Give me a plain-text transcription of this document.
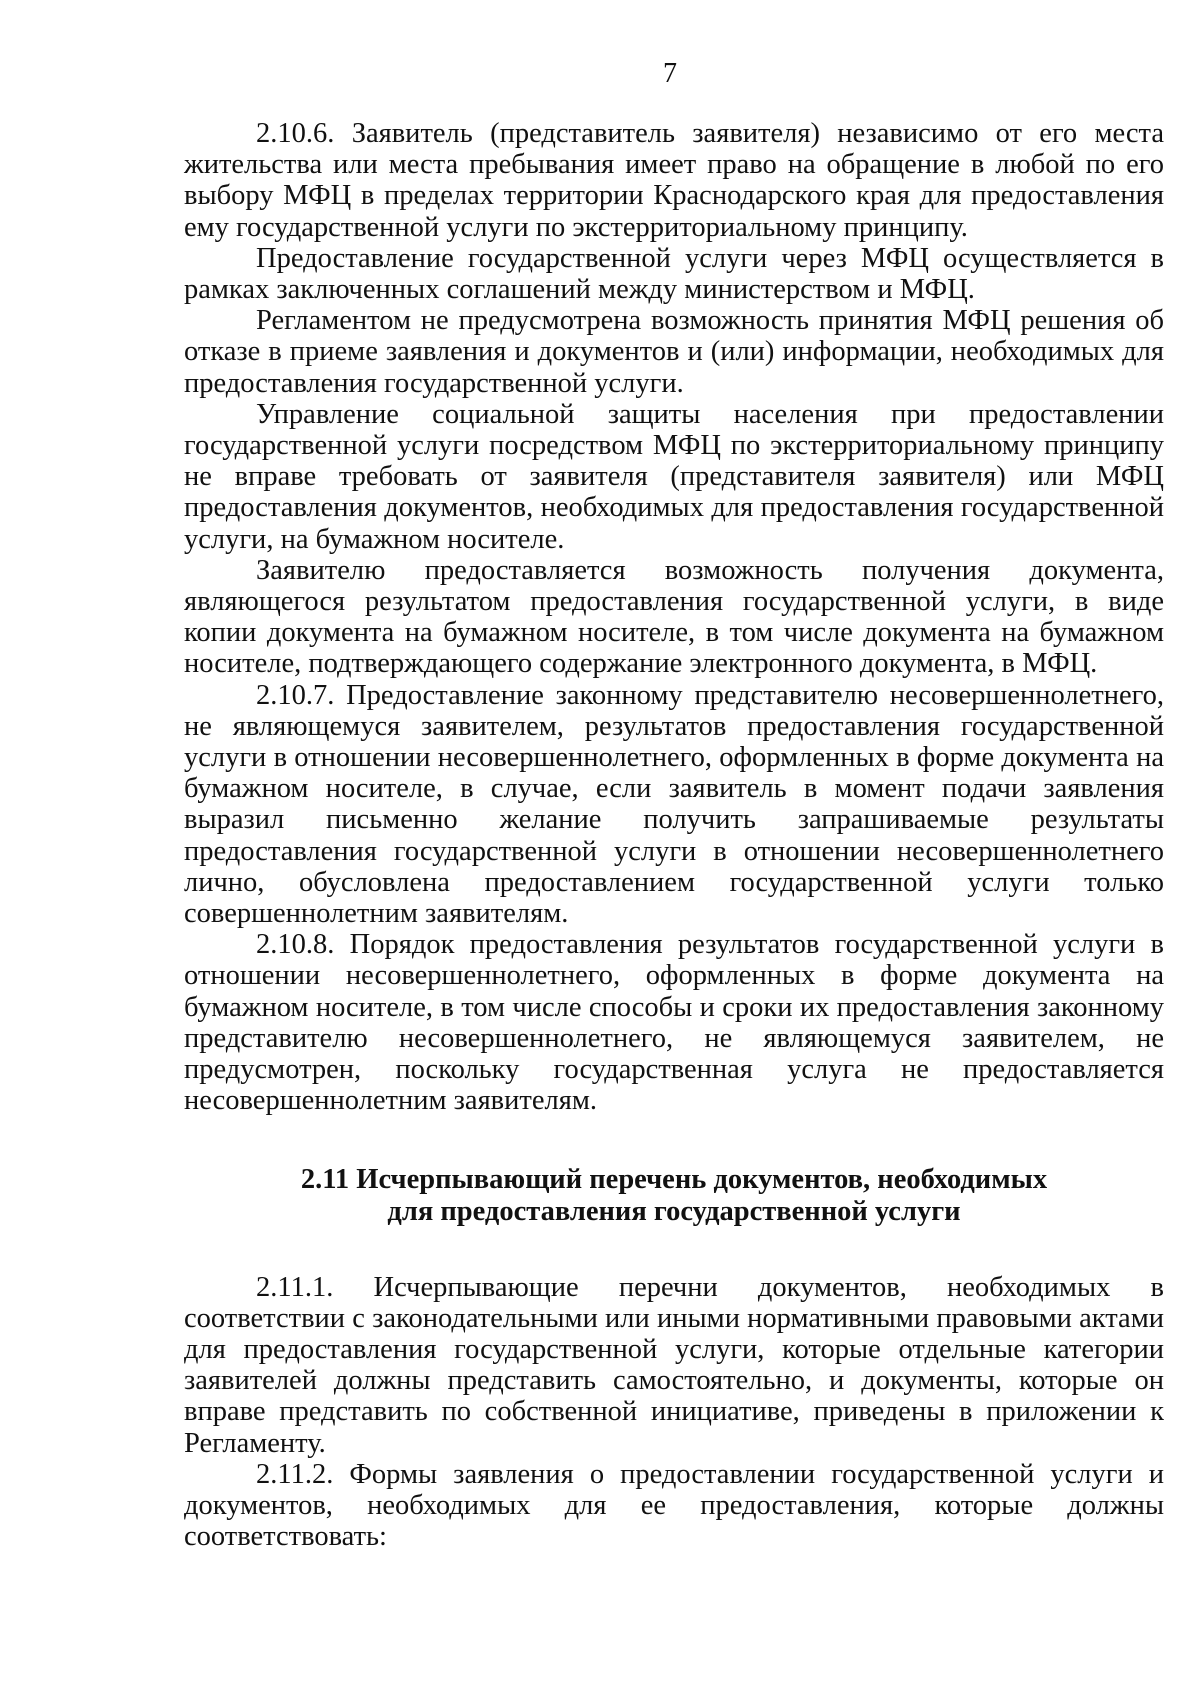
7

2.10.6. Заявитель (представитель заявителя) независимо от его места жительства или места пребывания имеет право на обращение в любой по его выбору МФЦ в пределах территории Краснодарского края для предоставления ему государственной услуги по экстерриториальному принципу.

Предоставление государственной услуги через МФЦ осуществляется в рамках заключенных соглашений между министерством и МФЦ.

Регламентом не предусмотрена возможность принятия МФЦ решения об отказе в приеме заявления и документов и (или) информации, необходимых для предоставления государственной услуги.

Управление социальной защиты населения при предоставлении государственной услуги посредством МФЦ по экстерриториальному принципу не вправе требовать от заявителя (представителя заявителя) или МФЦ предоставления документов, необходимых для предоставления государственной услуги, на бумажном носителе.

Заявителю предоставляется возможность получения документа, являющегося результатом предоставления государственной услуги, в виде копии документа на бумажном носителе, в том числе документа на бумажном носителе, подтверждающего содержание электронного документа, в МФЦ.

2.10.7. Предоставление законному представителю несовершеннолетнего, не являющемуся заявителем, результатов предоставления государственной услуги в отношении несовершеннолетнего, оформленных в форме документа на бумажном носителе, в случае, если заявитель в момент подачи заявления выразил письменно желание получить запрашиваемые результаты предоставления государственной услуги в отношении несовершеннолетнего лично, обусловлена предоставлением государственной услуги только совершеннолетним заявителям.

2.10.8. Порядок предоставления результатов государственной услуги в отношении несовершеннолетнего, оформленных в форме документа на бумажном носителе, в том числе способы и сроки их предоставления законному представителю несовершеннолетнего, не являющемуся заявителем, не предусмотрен, поскольку государственная услуга не предоставляется несовершеннолетним заявителям.

2.11 Исчерпывающий перечень документов, необходимых
для предоставления государственной услуги

2.11.1. Исчерпывающие перечни документов, необходимых в соответствии с законодательными или иными нормативными правовыми актами для предоставления государственной услуги, которые отдельные категории заявителей должны представить самостоятельно, и документы, которые он вправе представить по собственной инициативе, приведены в приложении к Регламенту.

2.11.2. Формы заявления о предоставлении государственной услуги и документов, необходимых для ее предоставления, которые должны соответствовать:
